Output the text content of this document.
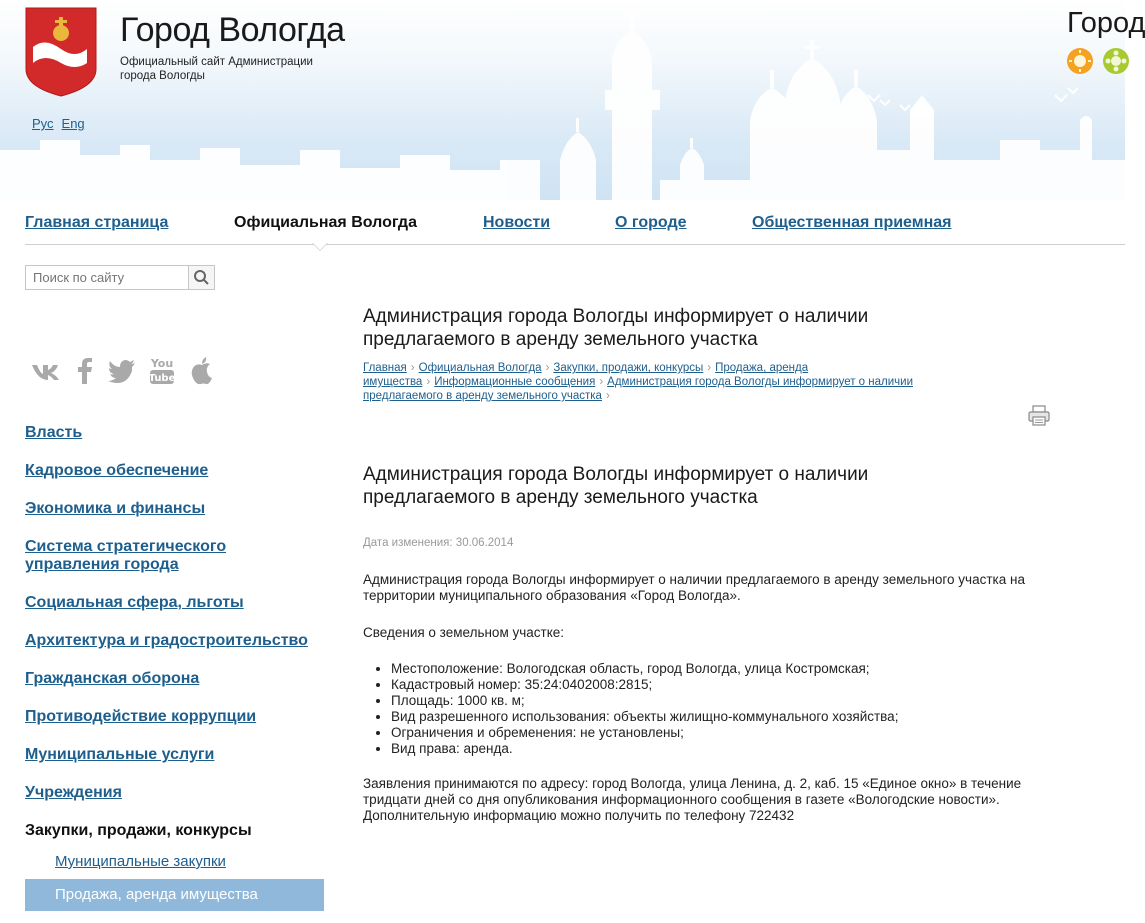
Город Вологда
Официальный сайт Администрации города Вологды
Рус Eng
Город
Главная страница	Официальная Вологда	Новости	О городе	Общественная приемная
Поиск по сайту
You
Tube
Власть
Кадровое обеспечение
Экономика и финансы
Система стратегического управления города
Социальная сфера, льготы
Архитектура и градостроительство
Гражданская оборона
Противодействие коррупции
Муниципальные услуги
Учреждения
Закупки, продажи, конкурсы
Муниципальные закупки
Продажа, аренда имущества
Администрация города Вологды информирует о наличии предлагаемого в аренду земельного участка
Главная › Официальная Вологда › Закупки, продажи, конкурсы › Продажа, аренда имущества › Информационные сообщения › Администрация города Вологды информирует о наличии предлагаемого в аренду земельного участка ›
Администрация города Вологды информирует о наличии предлагаемого в аренду земельного участка
Дата изменения: 30.06.2014
Администрация города Вологды информирует о наличии предлагаемого в аренду земельного участка на территории муниципального образования «Город Вологда».
Сведения о земельном участке:
• Местоположение: Вологодская область, город Вологда, улица Костромская;
• Кадастровый номер: 35:24:0402008:2815;
• Площадь: 1000 кв. м;
• Вид разрешенного использования: объекты жилищно-коммунального хозяйства;
• Ограничения и обременения: не установлены;
• Вид права: аренда.
Заявления принимаются по адресу: город Вологда, улица Ленина, д. 2, каб. 15 «Единое окно» в течение тридцати дней со дня опубликования информационного сообщения в газете «Вологодские новости». Дополнительную информацию можно получить по телефону 722432
